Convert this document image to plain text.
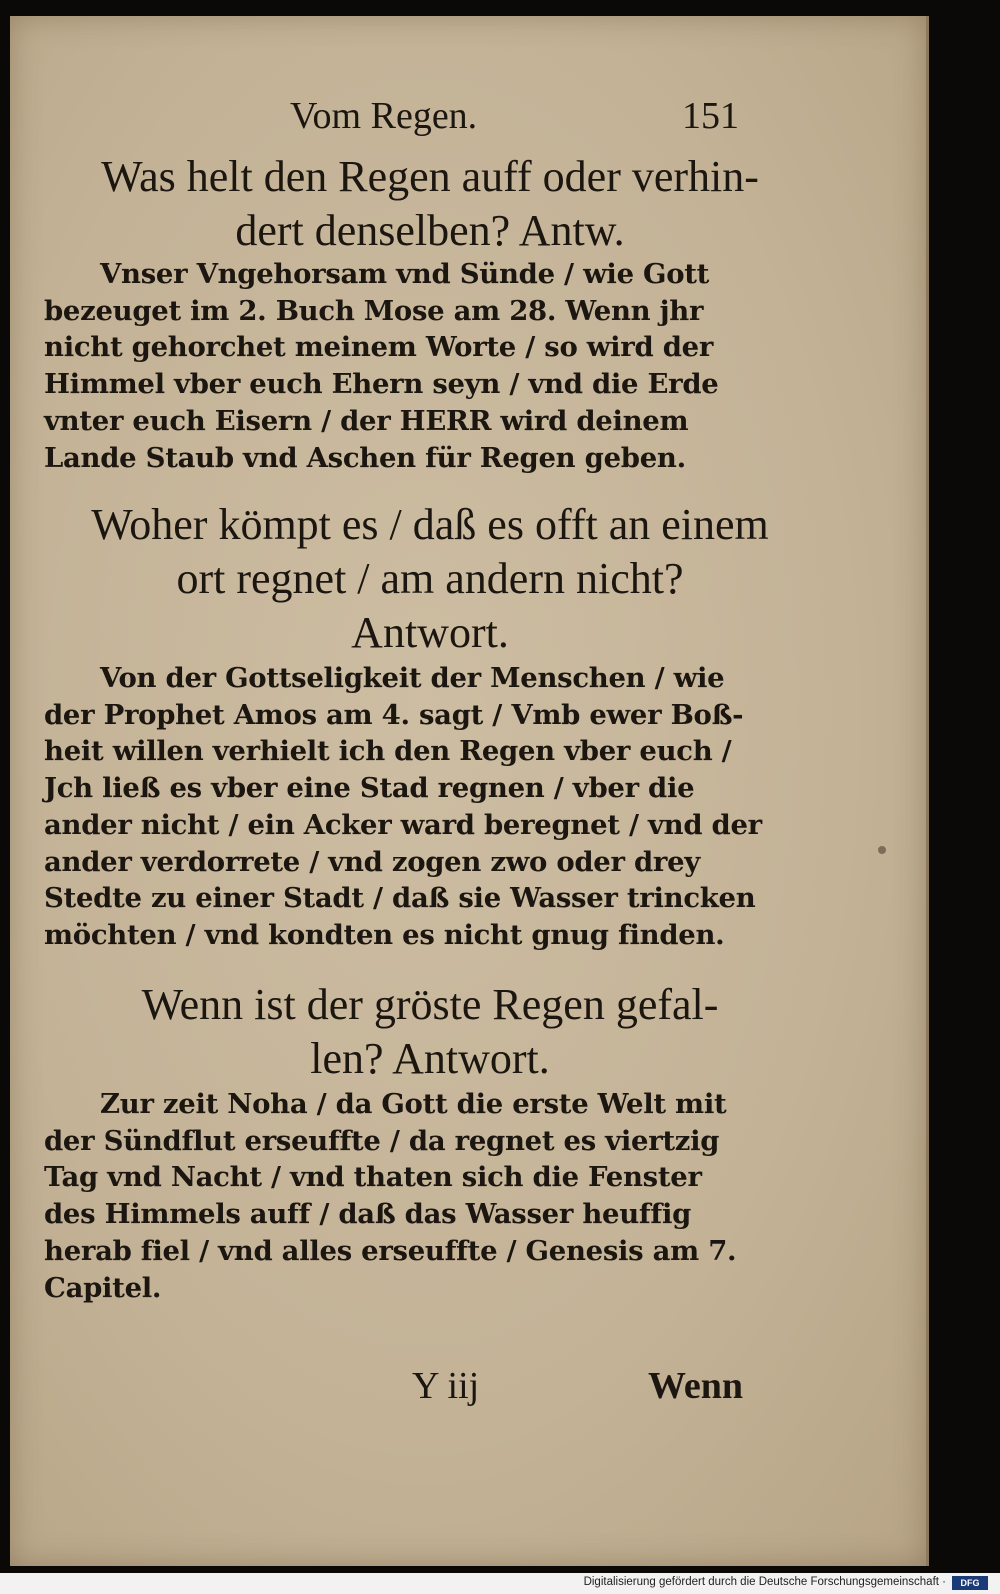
Vom Regen.	151
Was helt den Regen auff oder verhin-
dert denselben? Antw.
Vnser Vngehorsam vnd Sünde / wie Gott
bezeuget im 2. Buch Mose am 28. Wenn jhr
nicht gehorchet meinem Worte / so wird der
Himmel vber euch Ehern seyn / vnd die Erde
vnter euch Eisern / der HERR wird deinem
Lande Staub vnd Aschen für Regen geben.
Woher kömpt es / daß es offt an einem
ort regnet / am andern nicht?
Antwort.
Von der Gottseligkeit der Menschen / wie
der Prophet Amos am 4. sagt / Vmb ewer Boß-
heit willen verhielt ich den Regen vber euch /
Jch ließ es vber eine Stad regnen / vber die
ander nicht / ein Acker ward beregnet / vnd der
ander verdorrete / vnd zogen zwo oder drey
Stedte zu einer Stadt / daß sie Wasser trincken
möchten / vnd kondten es nicht gnug finden.
Wenn ist der gröste Regen gefal-
len? Antwort.
Zur zeit Noha / da Gott die erste Welt mit
der Sündflut erseuffte / da regnet es viertzig
Tag vnd Nacht / vnd thaten sich die Fenster
des Himmels auff / daß das Wasser heuffig
herab fiel / vnd alles erseuffte / Genesis am 7.
Capitel.
Y iij	Wenn
Digitalisierung gefördert durch die Deutsche Forschungsgemeinschaft ·	DFG
